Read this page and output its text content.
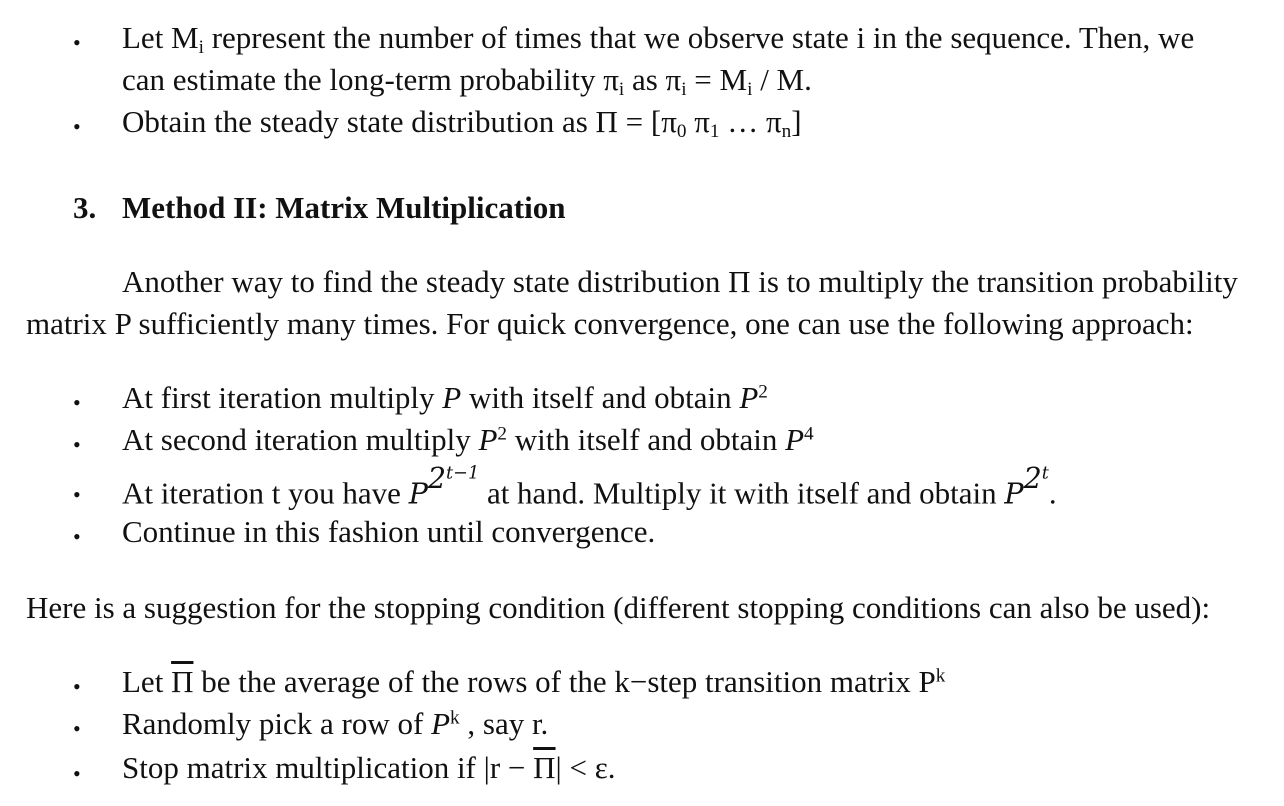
• Let $M_i$ represent the number of times that we observe state i in the sequence. Then, we
can estimate the long-term probability $\pi_i$ as $\pi_i = M_i / M$.
• Obtain the steady state distribution as $\Pi = [\pi_0$ $\pi_1$ … $\pi_n$]
3. Method II: Matrix Multiplication
Another way to find the steady state distribution Π is to multiply the transition probability
matrix P sufficiently many times. For quick convergence, one can use the following approach:
• At first iteration multiply P with itself and obtain $P^2$
• At second iteration multiply $P^2$ with itself and obtain $P^4$
• At iteration t you have $P^{2^{t-1}}$ at hand. Multiply it with itself and obtain $P^{2^t}$.
• Continue in this fashion until convergence.
Here is a suggestion for the stopping condition (different stopping conditions can also be used):
• Let $\overline{\Pi}$ be the average of the rows of the k−step transition matrix $P^k$
• Randomly pick a row of $P^k$ , say r.
• Stop matrix multiplication if $|r - \overline{\Pi}| < \varepsilon$.
